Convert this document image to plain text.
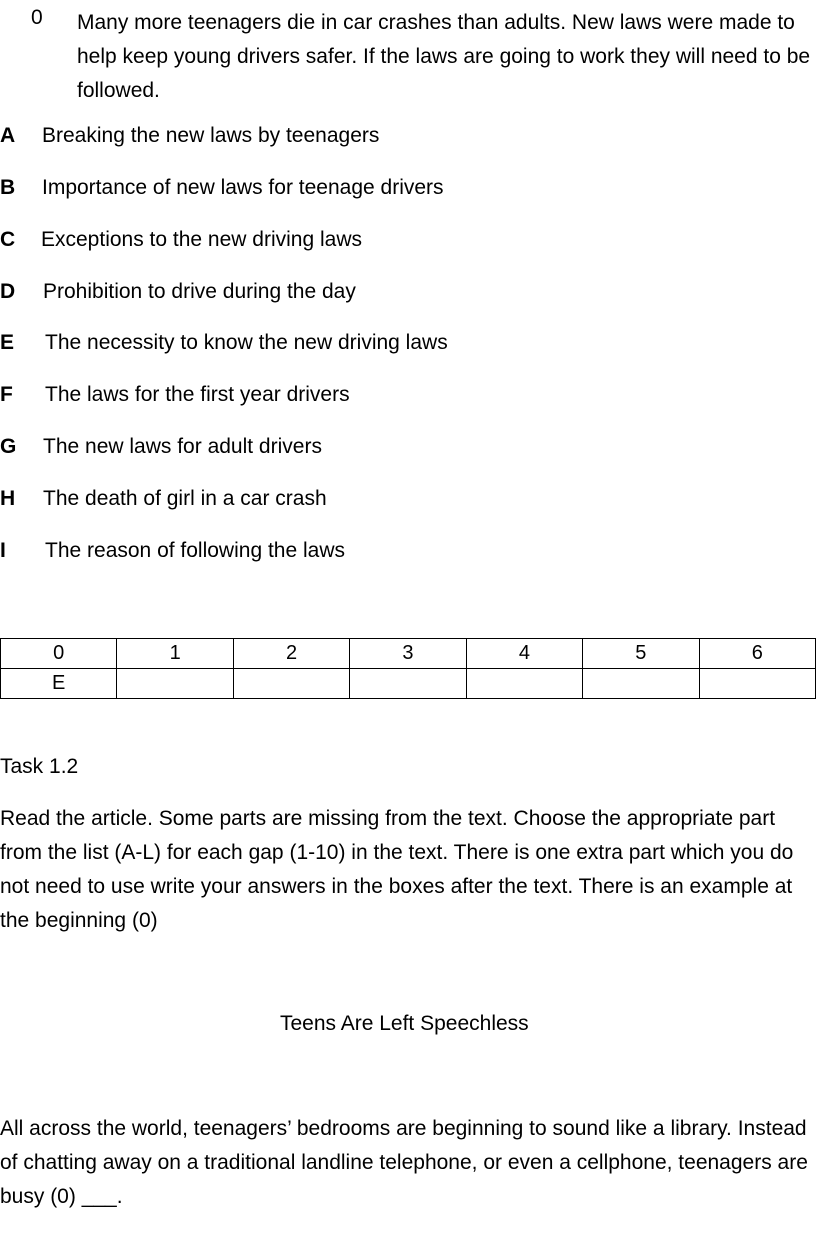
0 Many more teenagers die in car crashes than adults. New laws were made to help keep young drivers safer. If the laws are going to work they will need to be followed.
A Breaking the new laws by teenagers
B Importance of new laws for teenage drivers
C Exceptions to the new driving laws
D Prohibition to drive during the day
E The necessity to know the new driving laws
F The laws for the first year drivers
G The new laws for adult drivers
H The death of girl in a car crash
I The reason of following the laws
0	1	2	3	4	5	6
E						
Task 1.2
Read the article. Some parts are missing from the text. Choose the appropriate part from the list (A-L) for each gap (1-10) in the text. There is one extra part which you do not need to use write your answers in the boxes after the text. There is an example at the beginning (0)
Teens Are Left Speechless
All across the world, teenagers’ bedrooms are beginning to sound like a library. Instead of chatting away on a traditional landline telephone, or even a cellphone, teenagers are busy (0) ___.
